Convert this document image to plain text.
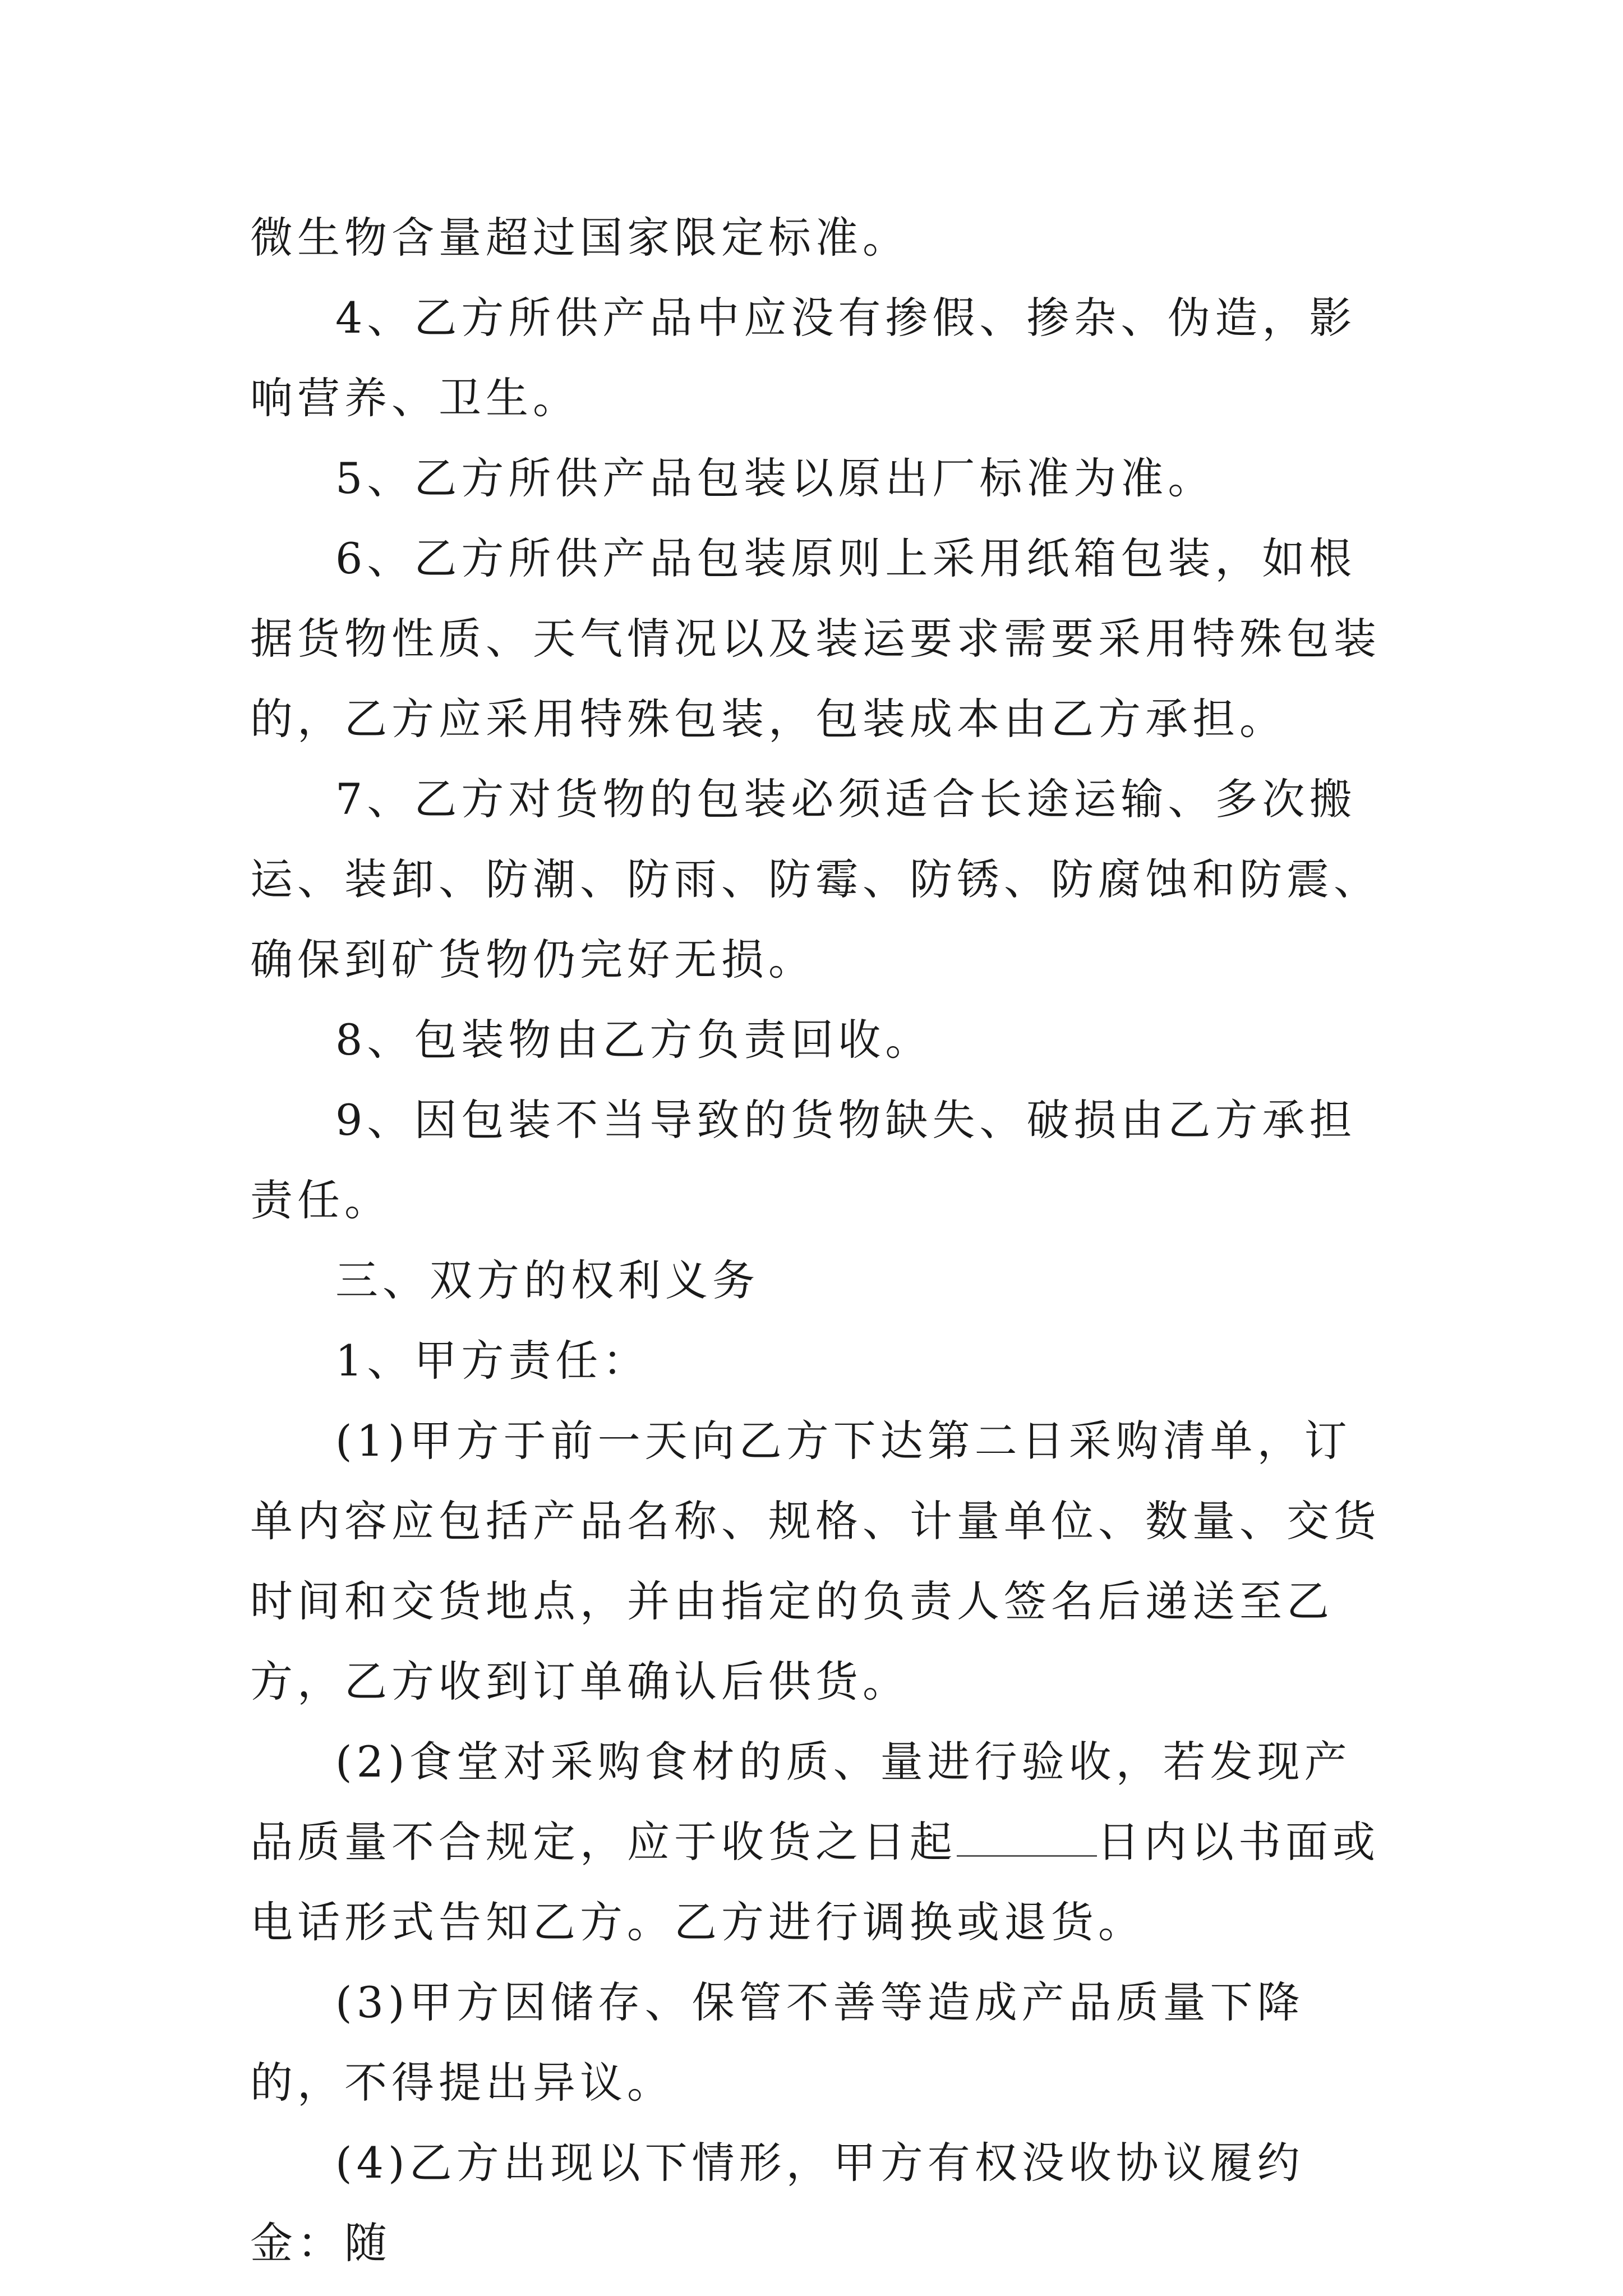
微生物含量超过国家限定标准。

4、乙方所供产品中应没有掺假、掺杂、伪造，影响营养、卫生。

5、乙方所供产品包装以原出厂标准为准。

6、乙方所供产品包装原则上采用纸箱包装，如根据货物性质、天气情况以及装运要求需要采用特殊包装的，乙方应采用特殊包装，包装成本由乙方承担。

7、乙方对货物的包装必须适合长途运输、多次搬运、装卸、防潮、防雨、防霉、防锈、防腐蚀和防震、确保到矿货物仍完好无损。

8、包装物由乙方负责回收。

9、因包装不当导致的货物缺失、破损由乙方承担责任。

三、双方的权利义务

1、甲方责任：

(1)甲方于前一天向乙方下达第二日采购清单，订单内容应包括产品名称、规格、计量单位、数量、交货时间和交货地点，并由指定的负责人签名后递送至乙方，乙方收到订单确认后供货。

(2)食堂对采购食材的质、量进行验收，若发现产品质量不合规定，应于收货之日起	日内以书面或电话形式告知乙方。乙方进行调换或退货。

(3)甲方因储存、保管不善等造成产品质量下降的，不得提出异议。

(4)乙方出现以下情形，甲方有权没收协议履约金：随
